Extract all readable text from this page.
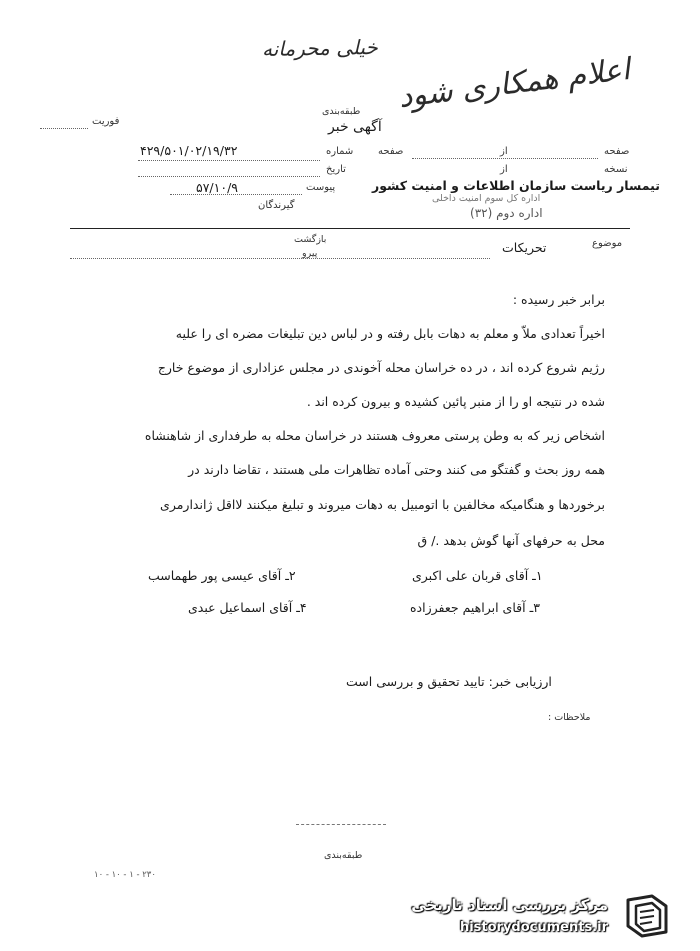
خیلی محرمانه
اعلام همکاری شود
فوریت
طبقه‌بندی
آگهی خبر
شماره
۴۲۹/۵۰۱/۰۲/۱۹/۳۲	صفحه
از
صفحه
نسخه
از
تاریخ
تیمسار ریاست سازمان اطلاعات و امنیت کشور
اداره کل سوم امنیت داخلی
اداره دوم (۳۲)
پیوست
۵۷/۱۰/۹
گیرندگان
بازگشت
پیرو
موضوع
تحریکات
برابر خبر رسیده :
اخیراً تعدادی ملاّ و معلم به دهات بابل رفته و در لباس دین تبلیغات مضره ای را علیه
رژیم شروع کرده اند ، در ده خراسان محله آخوندی در مجلس عزاداری از موضوع خارج
شده در نتیجه او را از منبر پائین کشیده و بیرون کرده اند .
اشخاص زیر که به وطن پرستی معروف هستند در خراسان محله به طرفداری از شاهنشاه
همه روز بحث و گفتگو می کنند وحتی آماده تظاهرات ملی هستند ، تقاضا دارند در
برخوردها و هنگامیکه مخالفین با اتومبیل به دهات میروند و تبلیغ میکنند لااقل ژاندارمری
محل به حرفهای آنها گوش بدهد ./ ق
۱ـ آقای قربان علی اکبری
۲ـ آقای عیسی پور طهماسب
۳ـ آقای ابراهیم جعفرزاده
۴ـ آقای اسماعیل عبدی
ارزیابی خبر: تایید تحقیق و بررسی است
ملاحظات :
طبقه‌بندی
۱۰ - ۱۰ - ۱ - ۲۳۰
مرکز بررسی اسناد تاریخی
historydocuments.ir
